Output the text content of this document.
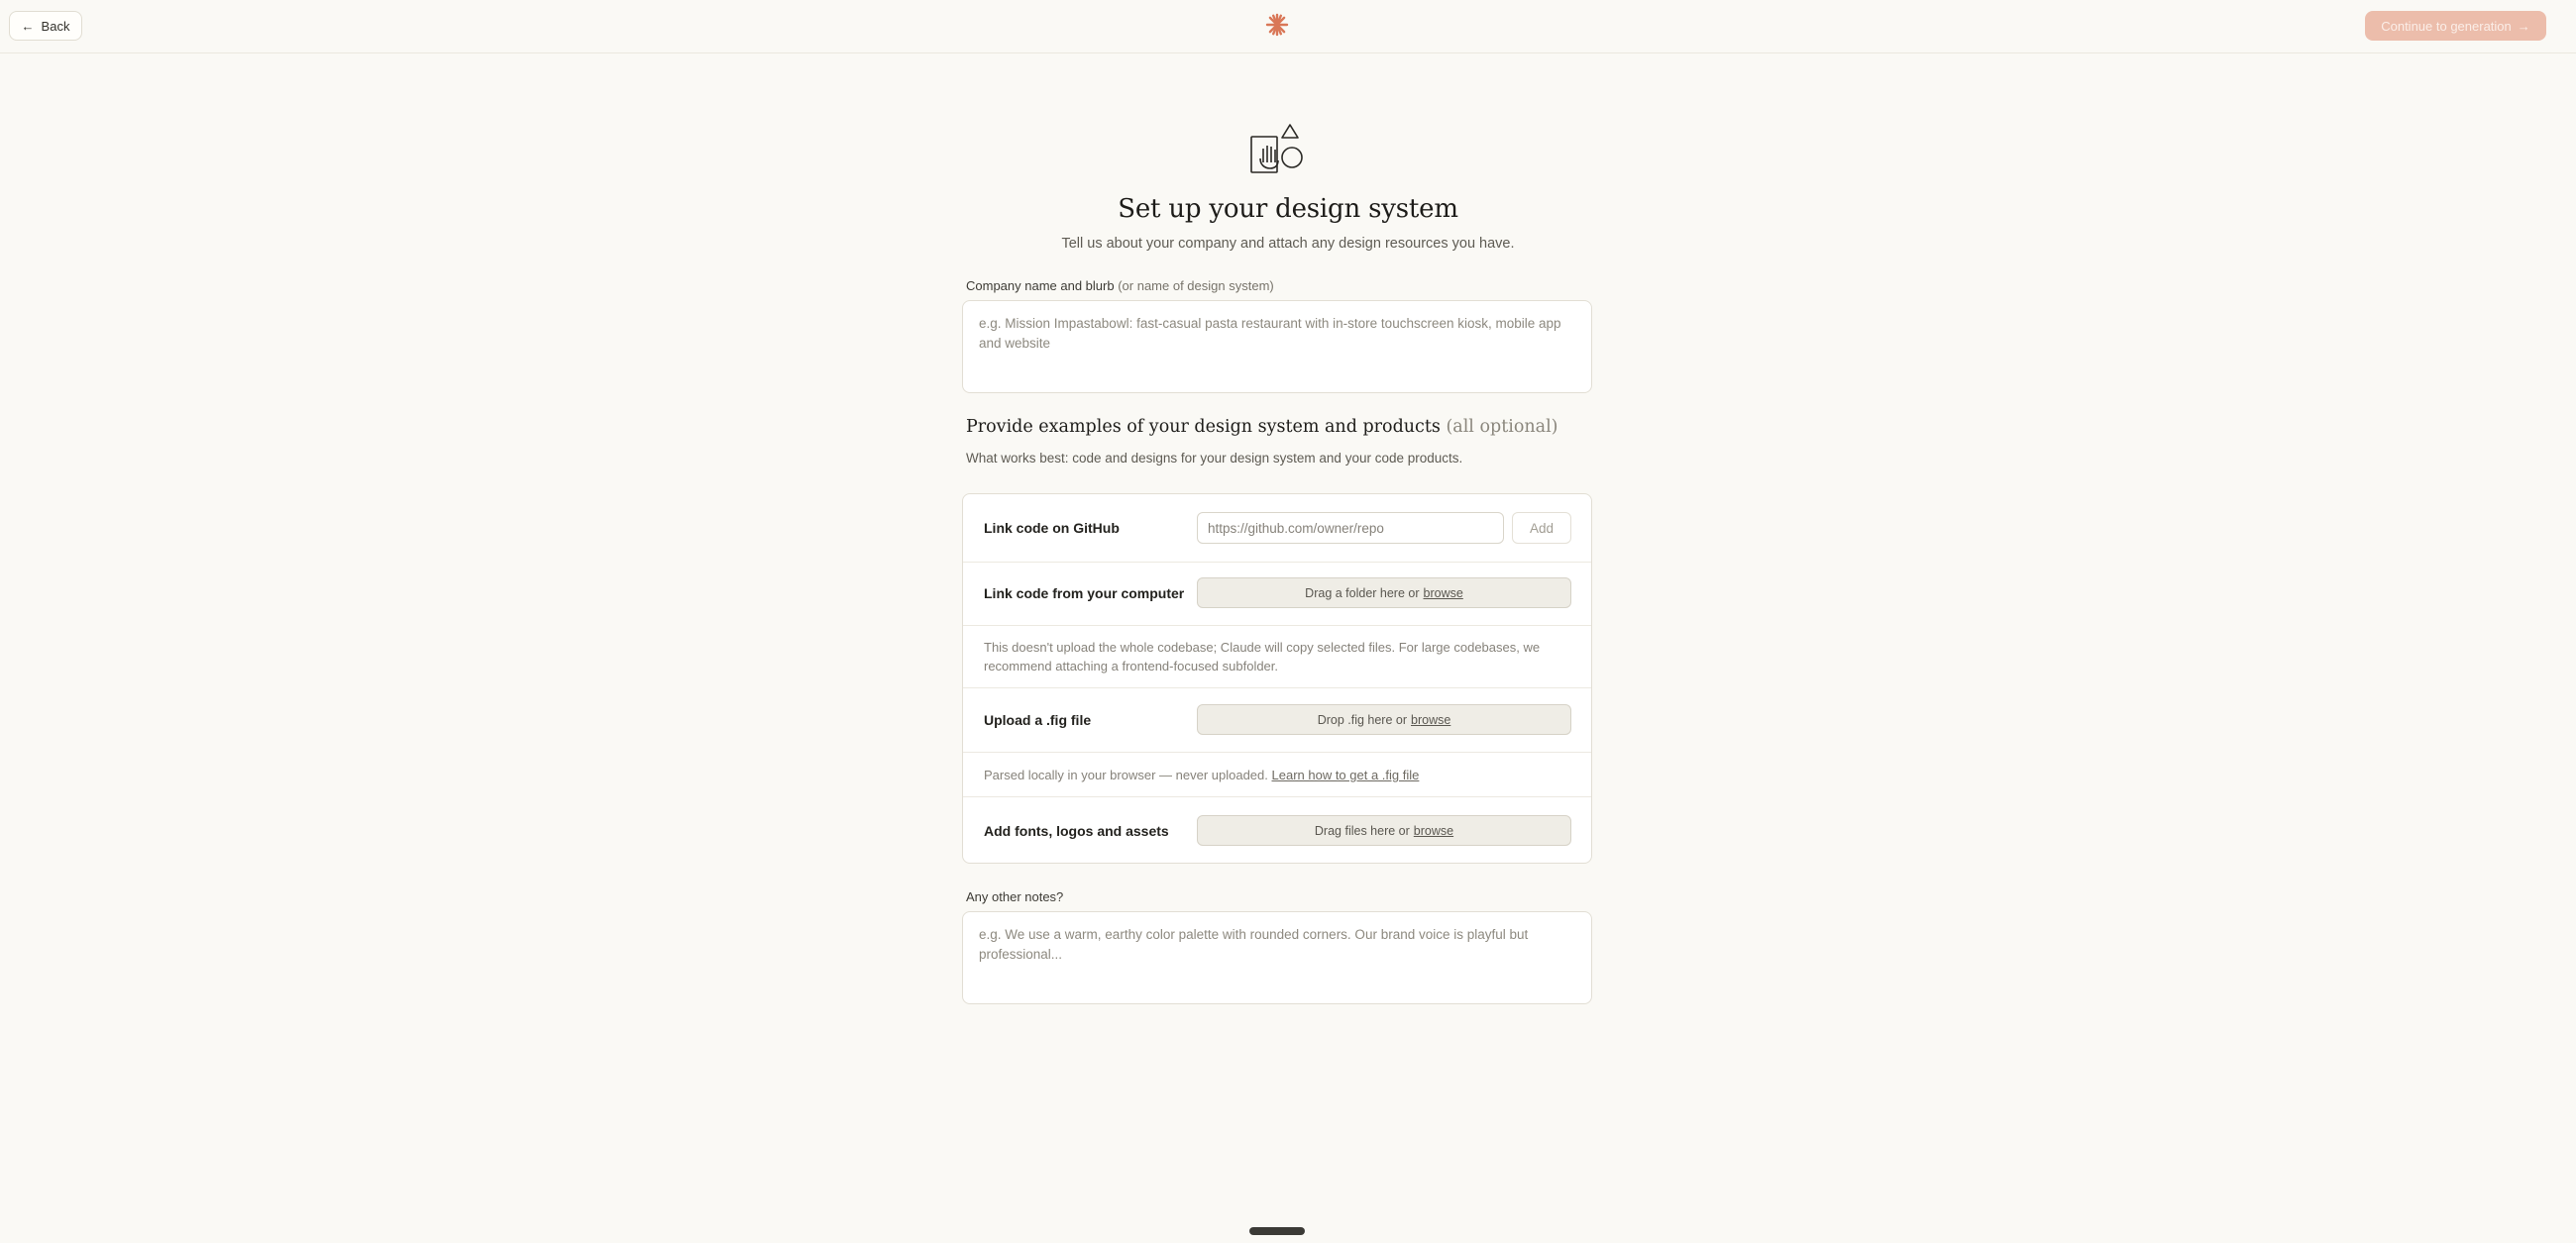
← Back	Continue to generation →
Set up your design system
Tell us about your company and attach any design resources you have.
Company name and blurb (or name of design system)
e.g. Mission Impastabowl: fast-casual pasta restaurant with in-store touchscreen kiosk, mobile app and website
Provide examples of your design system and products (all optional)
What works best: code and designs for your design system and your code products.
Link code on GitHub	https://github.com/owner/repo	Add
Link code from your computer	Drag a folder here or browse
This doesn't upload the whole codebase; Claude will copy selected files. For large codebases, we recommend attaching a frontend-focused subfolder.
Upload a .fig file	Drop .fig here or browse
Parsed locally in your browser — never uploaded. Learn how to get a .fig file
Add fonts, logos and assets	Drag files here or browse
Any other notes?
e.g. We use a warm, earthy color palette with rounded corners. Our brand voice is playful but professional...
